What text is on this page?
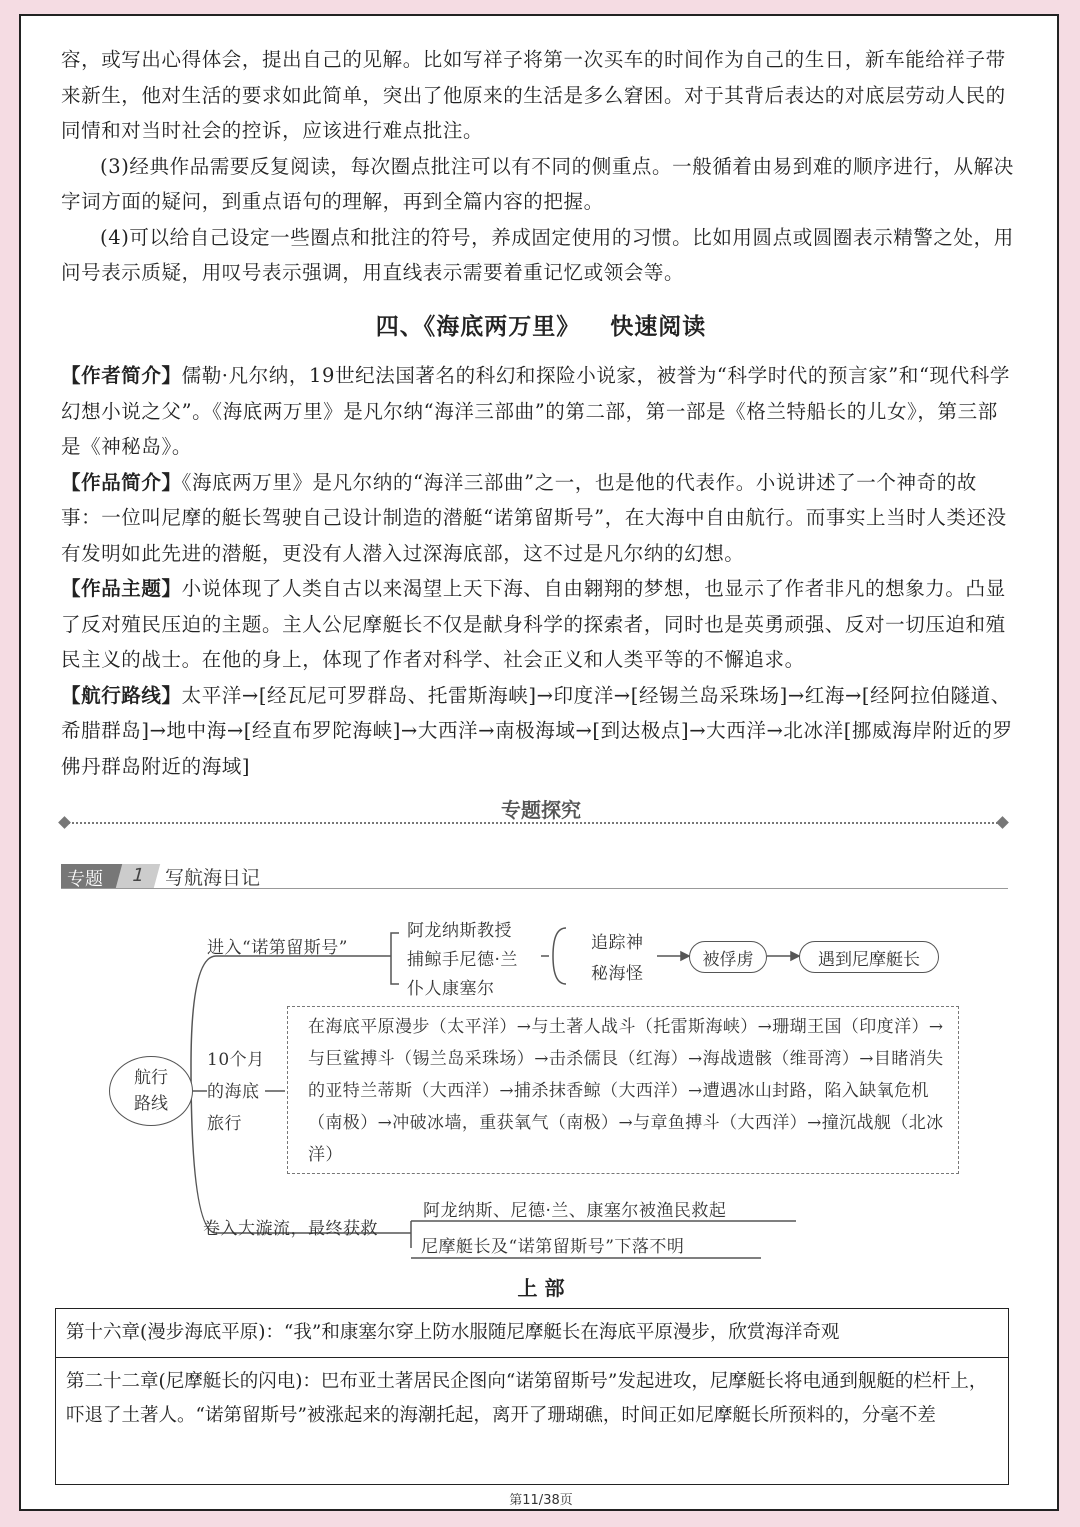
容，或写出心得体会，提出自己的见解。比如写祥子将第一次买车的时间作为自己的生日，新车能给祥子带来新生，他对生活的要求如此简单，突出了他原来的生活是多么窘困。对于其背后表达的对底层劳动人民的同情和对当时社会的控诉，应该进行难点批注。

(3)经典作品需要反复阅读，每次圈点批注可以有不同的侧重点。一般循着由易到难的顺序进行，从解决字词方面的疑问，到重点语句的理解，再到全篇内容的把握。

(4)可以给自己设定一些圈点和批注的符号，养成固定使用的习惯。比如用圆点或圆圈表示精警之处，用问号表示质疑，用叹号表示强调，用直线表示需要着重记忆或领会等。

四、《海底两万里》 快速阅读

【作者简介】儒勒·凡尔纳，19世纪法国著名的科幻和探险小说家，被誉为“科学时代的预言家”和“现代科学幻想小说之父”。《海底两万里》是凡尔纳“海洋三部曲”的第二部，第一部是《格兰特船长的儿女》，第三部是《神秘岛》。

【作品简介】《海底两万里》是凡尔纳的“海洋三部曲”之一，也是他的代表作。小说讲述了一个神奇的故事：一位叫尼摩的艇长驾驶自己设计制造的潜艇“诺第留斯号”，在大海中自由航行。而事实上当时人类还没有发明如此先进的潜艇，更没有人潜入过深海底部，这不过是凡尔纳的幻想。

【作品主题】小说体现了人类自古以来渴望上天下海、自由翱翔的梦想，也显示了作者非凡的想象力。凸显了反对殖民压迫的主题。主人公尼摩艇长不仅是献身科学的探索者，同时也是英勇顽强、反对一切压迫和殖民主义的战士。在他的身上，体现了作者对科学、社会正义和人类平等的不懈追求。

【航行路线】太平洋→[经瓦尼可罗群岛、托雷斯海峡]→印度洋→[经锡兰岛采珠场]→红海→[经阿拉伯隧道、希腊群岛]→地中海→[经直布罗陀海峡]→大西洋→南极海域→[到达极点]→大西洋→北冰洋[挪威海岸附近的罗佛丹群岛附近的海域]

专题探究
专题	1 写航海日记
航行路线
进入“诺第留斯号”
阿龙纳斯教授
捕鲸手尼德·兰
仆人康塞尔
追踪神秘海怪
被俘虏	遇到尼摩艇长
10个月的海底旅行
在海底平原漫步（太平洋）→与土著人战斗（托雷斯海峡）→珊瑚王国（印度洋）→与巨鲨搏斗（锡兰岛采珠场）→击杀儒艮（红海）→海战遗骸（维哥湾）→目睹消失的亚特兰蒂斯（大西洋）→捕杀抹香鲸（大西洋）→遭遇冰山封路，陷入缺氧危机（南极）→冲破冰墙，重获氧气（南极）→与章鱼搏斗（大西洋）→撞沉战舰（北冰洋）
卷入大漩流，最终获救
阿龙纳斯、尼德·兰、康塞尔被渔民救起
尼摩艇长及“诺第留斯号”下落不明
上 部
第十六章(漫步海底平原)：“我”和康塞尔穿上防水服随尼摩艇长在海底平原漫步，欣赏海洋奇观
第二十二章(尼摩艇长的闪电)：巴布亚土著居民企图向“诺第留斯号”发起进攻，尼摩艇长将电通到舰艇的栏杆上，吓退了土著人。“诺第留斯号”被涨起来的海潮托起，离开了珊瑚礁，时间正如尼摩艇长所预料的，分毫不差
第11/38页
